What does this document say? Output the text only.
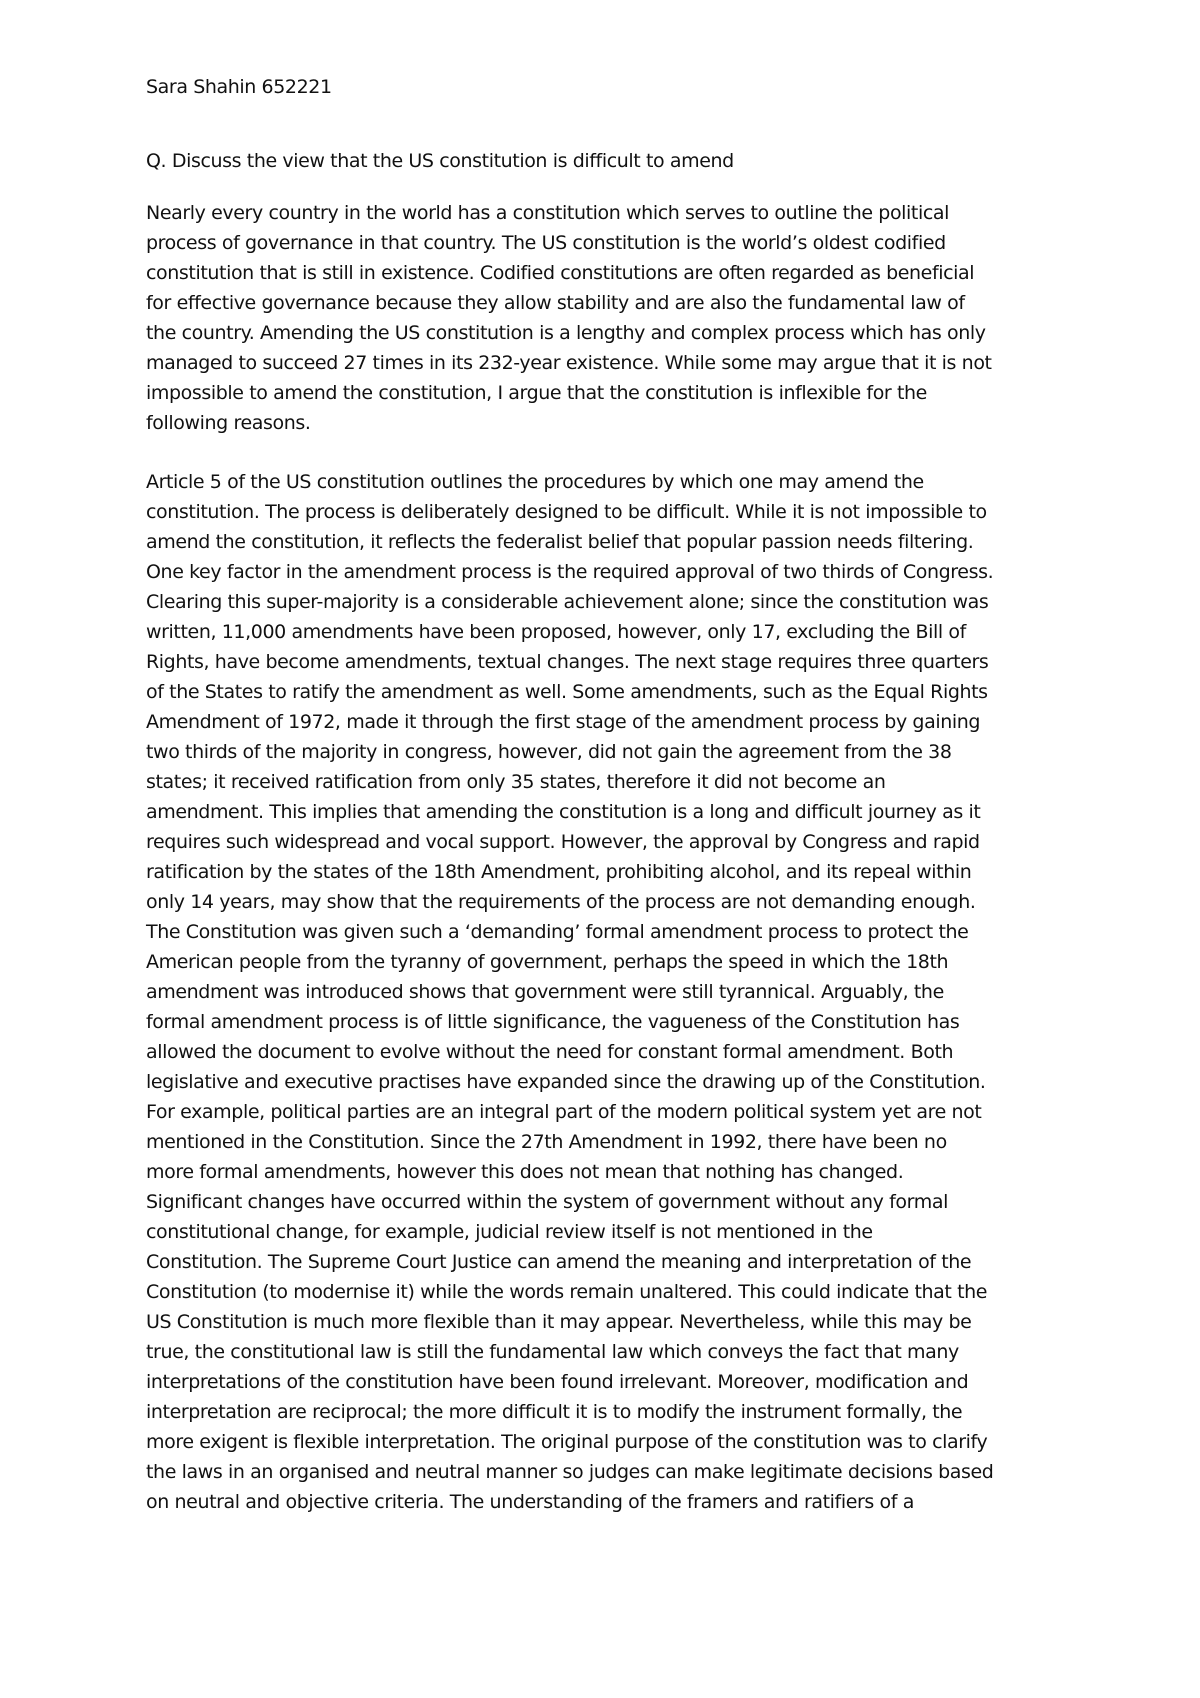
Sara Shahin 652221

Q. Discuss the view that the US constitution is difficult to amend

Nearly every country in the world has a constitution which serves to outline the political
process of governance in that country. The US constitution is the world’s oldest codified
constitution that is still in existence. Codified constitutions are often regarded as beneficial
for effective governance because they allow stability and are also the fundamental law of
the country. Amending the US constitution is a lengthy and complex process which has only
managed to succeed 27 times in its 232-year existence. While some may argue that it is not
impossible to amend the constitution, I argue that the constitution is inflexible for the
following reasons.
Article 5 of the US constitution outlines the procedures by which one may amend the
constitution. The process is deliberately designed to be difficult. While it is not impossible to
amend the constitution, it reflects the federalist belief that popular passion needs filtering.
One key factor in the amendment process is the required approval of two thirds of Congress.
Clearing this super-majority is a considerable achievement alone; since the constitution was
written, 11,000 amendments have been proposed, however, only 17, excluding the Bill of
Rights, have become amendments, textual changes. The next stage requires three quarters
of the States to ratify the amendment as well. Some amendments, such as the Equal Rights
Amendment of 1972, made it through the first stage of the amendment process by gaining
two thirds of the majority in congress, however, did not gain the agreement from the 38
states; it received ratification from only 35 states, therefore it did not become an
amendment. This implies that amending the constitution is a long and difficult journey as it
requires such widespread and vocal support. However, the approval by Congress and rapid
ratification by the states of the 18th Amendment, prohibiting alcohol, and its repeal within
only 14 years, may show that the requirements of the process are not demanding enough.
The Constitution was given such a ‘demanding’ formal amendment process to protect the
American people from the tyranny of government, perhaps the speed in which the 18th
amendment was introduced shows that government were still tyrannical. Arguably, the
formal amendment process is of little significance, the vagueness of the Constitution has
allowed the document to evolve without the need for constant formal amendment. Both
legislative and executive practises have expanded since the drawing up of the Constitution.
For example, political parties are an integral part of the modern political system yet are not
mentioned in the Constitution. Since the 27th Amendment in 1992, there have been no
more formal amendments, however this does not mean that nothing has changed.
Significant changes have occurred within the system of government without any formal
constitutional change, for example, judicial review itself is not mentioned in the
Constitution. The Supreme Court Justice can amend the meaning and interpretation of the
Constitution (to modernise it) while the words remain unaltered. This could indicate that the
US Constitution is much more flexible than it may appear. Nevertheless, while this may be
true, the constitutional law is still the fundamental law which conveys the fact that many
interpretations of the constitution have been found irrelevant. Moreover, modification and
interpretation are reciprocal; the more difficult it is to modify the instrument formally, the
more exigent is flexible interpretation. The original purpose of the constitution was to clarify
the laws in an organised and neutral manner so judges can make legitimate decisions based
on neutral and objective criteria. The understanding of the framers and ratifiers of a
